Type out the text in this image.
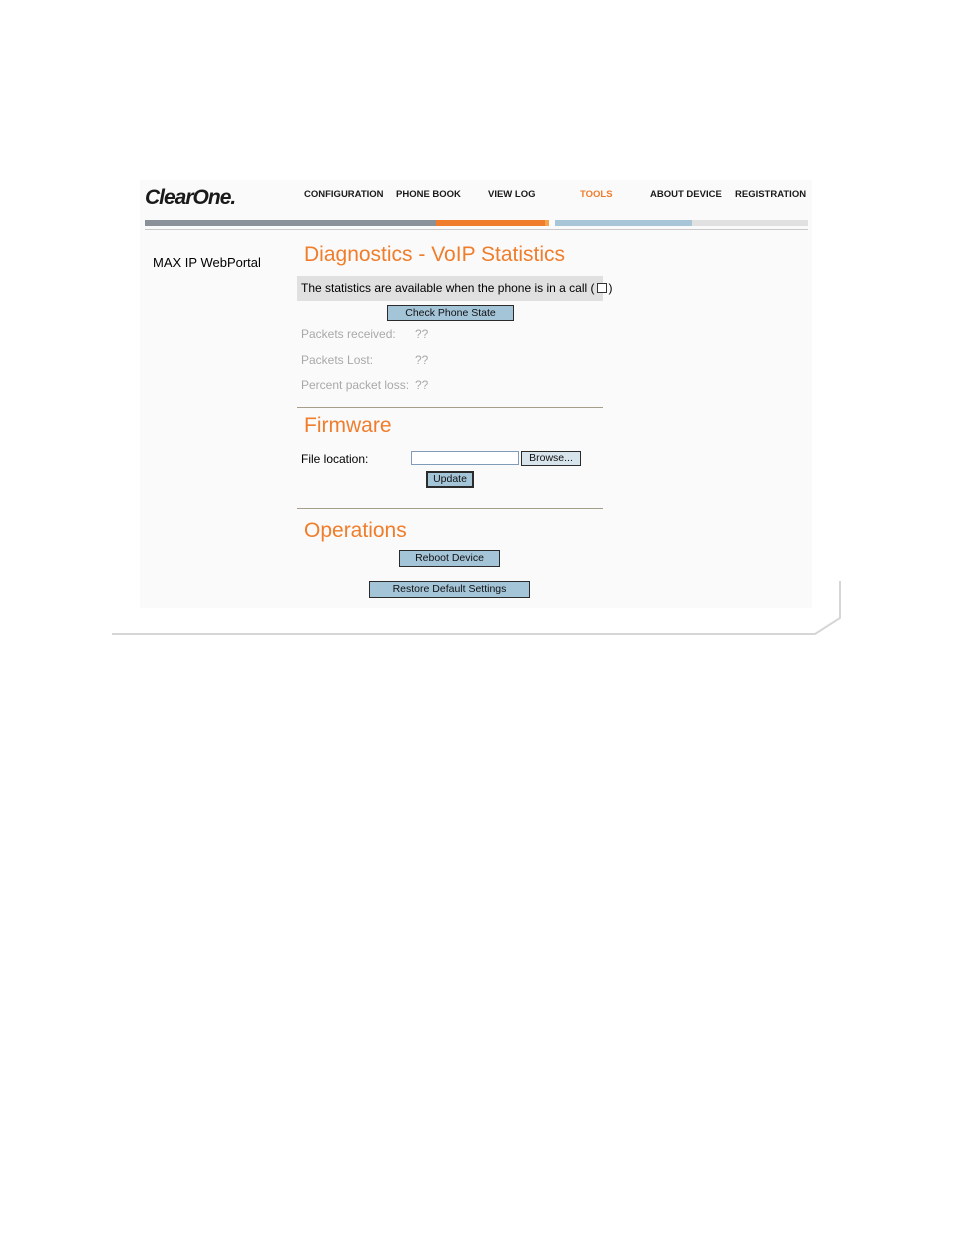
ClearOne.	CONFIGURATION PHONE BOOK	VIEW LOG	TOOLS	ABOUT DEVICE REGISTRATION
MAX IP WebPortal Diagnostics - VoIP Statistics
The statistics are available when the phone is in a call ( )
Check Phone State
Packets received: ??
Packets Lost:	??
Percent packet loss: ??
Firmware
File location:	Browse...
Update
Operations
Reboot Device
Restore Default Settings
